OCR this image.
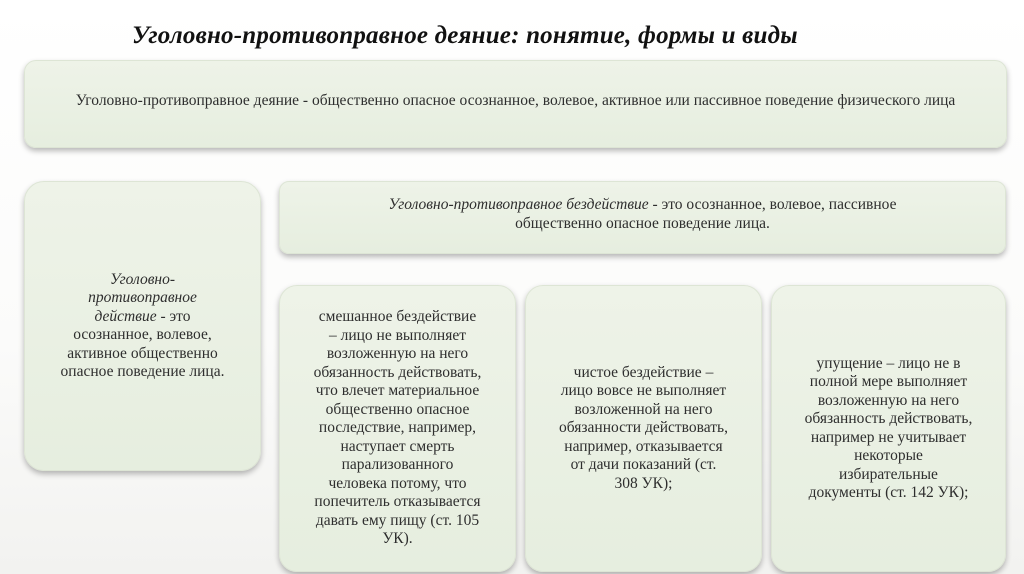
Уголовно-противоправное деяние: понятие, формы и виды
Уголовно-противоправное деяние - общественно опасное осознанное, волевое, активное или пассивное поведение физического лица
Уголовно-
противоправное
действие - это
осознанное, волевое,
активное общественно
опасное поведение лица.
Уголовно-противоправное бездействие - это осознанное, волевое, пассивное
общественно опасное поведение лица.
смешанное бездействие
– лицо не выполняет
возложенную на него
обязанность действовать,
что влечет материальное
общественно опасное
последствие, например,
наступает смерть
парализованного
человека потому, что
попечитель отказывается
давать ему пищу (ст. 105
УК).
чистое бездействие –
лицо вовсе не выполняет
возложенной на него
обязанности действовать,
например, отказывается
от дачи показаний (ст.
308 УК);
упущение – лицо не в
полной мере выполняет
возложенную на него
обязанность действовать,
например не учитывает
некоторые
избирательные
документы (ст. 142 УК);
